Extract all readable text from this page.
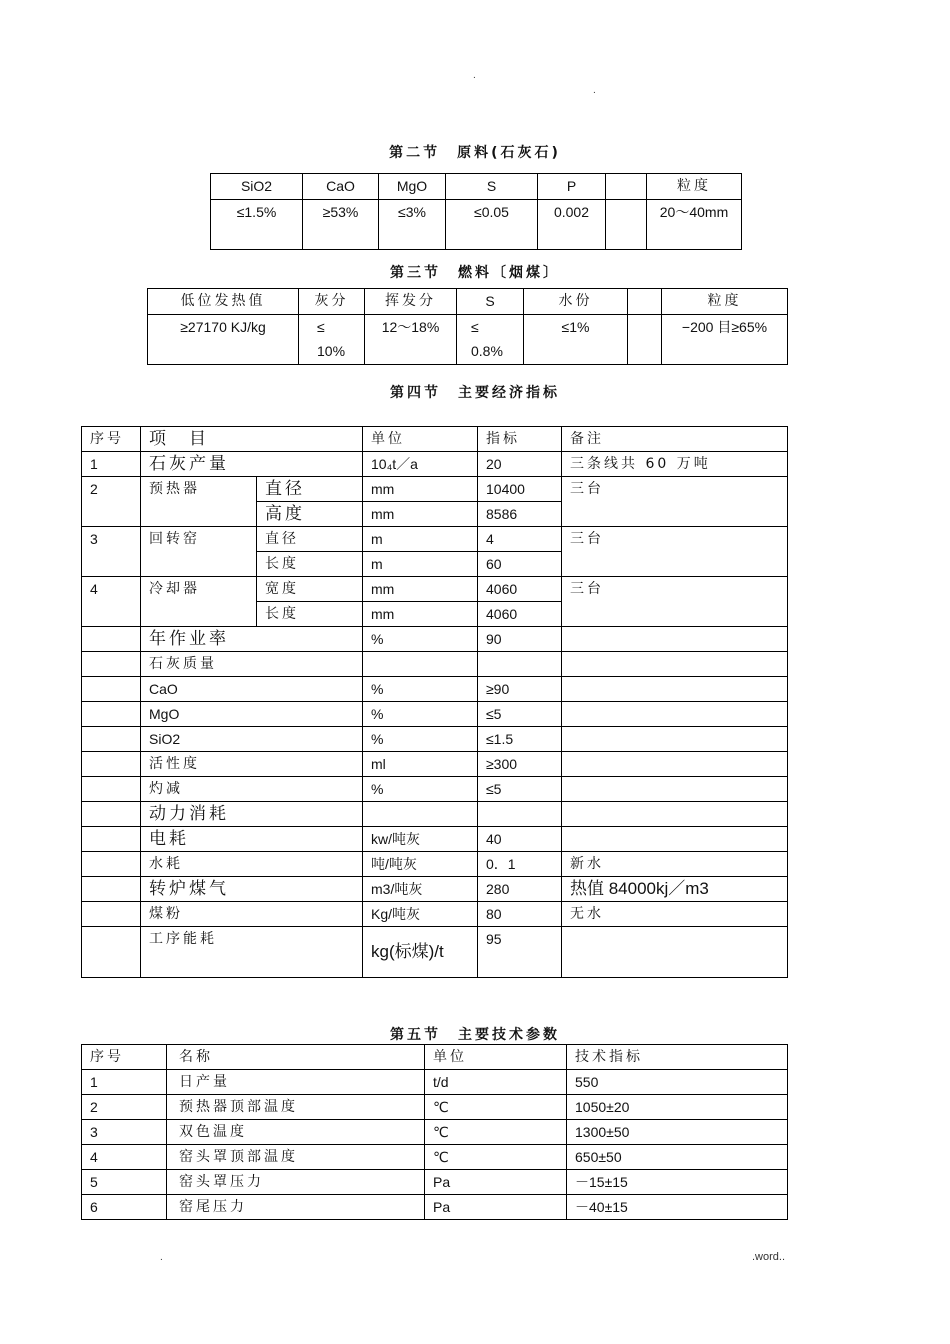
.
.
第二节　原料(石灰石)
SiO2	CaO	MgO	S	P		粒度
≤1.5%	≥53%	≤3%	≤0.05	0.002		20～40mm
第三节　燃料〔烟煤〕
低位发热值	灰分	挥发分	S	水份		粒度
≥27170 KJ/kg	≤ 10%	12～18%	≤ 0.8%	≤1%		−200 目≥65%
第四节　主要经济指标
序号	项　目		单位	指标	备注
1	石灰产量		10₄t／a	20	三条线共 60 万吨
2	预热器	直径	mm	10400	三台
		高度	mm	8586	
3	回转窑	直径	m	4	三台
		长度	m	60	
4	冷却器	宽度	mm	4060	三台
		长度	mm	4060	
	年作业率		%	90	
	石灰质量				
	CaO		%	≥90	
	MgO		%	≤5	
	SiO2		%	≤1.5	
	活性度		ml	≥300	
	灼减		%	≤5	
	动力消耗				
	电耗		kw/吨灰	40	
	水耗		吨/吨灰	0．1	新水
	转炉煤气		m3/吨灰	280	热值 84000kj／m3
	煤粉		Kg/吨灰	80	无水
	工序能耗		kg(标煤)/t	95	
第五节　主要技术参数
序号	名称	单位	技术指标
1	日产量	t/d	550
2	预热器顶部温度	℃	1050±20
3	双色温度	℃	1300±50
4	窑头罩顶部温度	℃	650±50
5	窑头罩压力	Pa	－15±15
6	窑尾压力	Pa	－40±15
.	.word..
